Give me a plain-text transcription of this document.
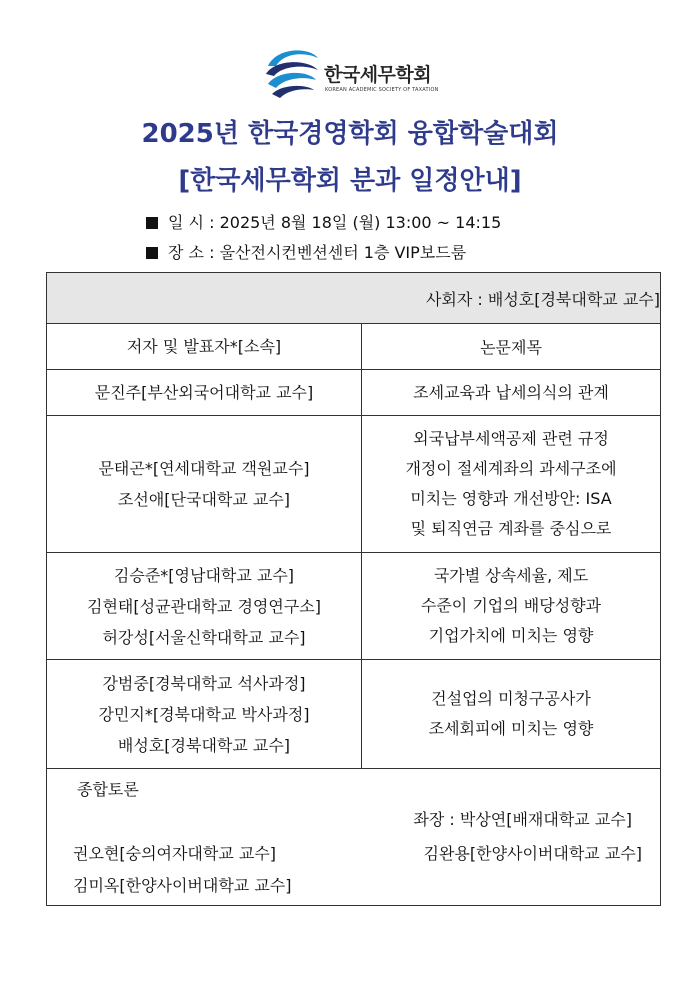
한국세무학회
KOREAN ACADEMIC SOCIETY OF TAXATION
2025년 한국경영학회 융합학술대회
[한국세무학회 분과 일정안내]
일 시 : 2025년 8월 18일 (월) 13:00 ~ 14:15
장 소 : 울산전시컨벤션센터 1층 VIP보드룸
사회자 : 배성호[경북대학교 교수]	
저자 및 발표자*[소속]	논문제목

문진주[부산외국어대학교 교수]	조세교육과 납세의식의 관계

문태곤*[연세대학교 객원교수]
조선애[단국대학교 교수]	외국납부세액공제 관련 규정
개정이 절세계좌의 과세구조에
미치는 영향과 개선방안: ISA
및 퇴직연금 계좌를 중심으로

김승준*[영남대학교 교수]
김현태[성균관대학교 경영연구소]
허강성[서울신학대학교 교수]	국가별 상속세율, 제도
수준이 기업의 배당성향과
기업가치에 미치는 영향

강범중[경북대학교 석사과정]
강민지*[경북대학교 박사과정]
배성호[경북대학교 교수]	건설업의 미청구공사가
조세회피에 미치는 영향

종합토론
좌장 : 박상연[배재대학교 교수]
권오현[숭의여자대학교 교수] 김완용[한양사이버대학교 교수]
김미옥[한양사이버대학교 교수]	
